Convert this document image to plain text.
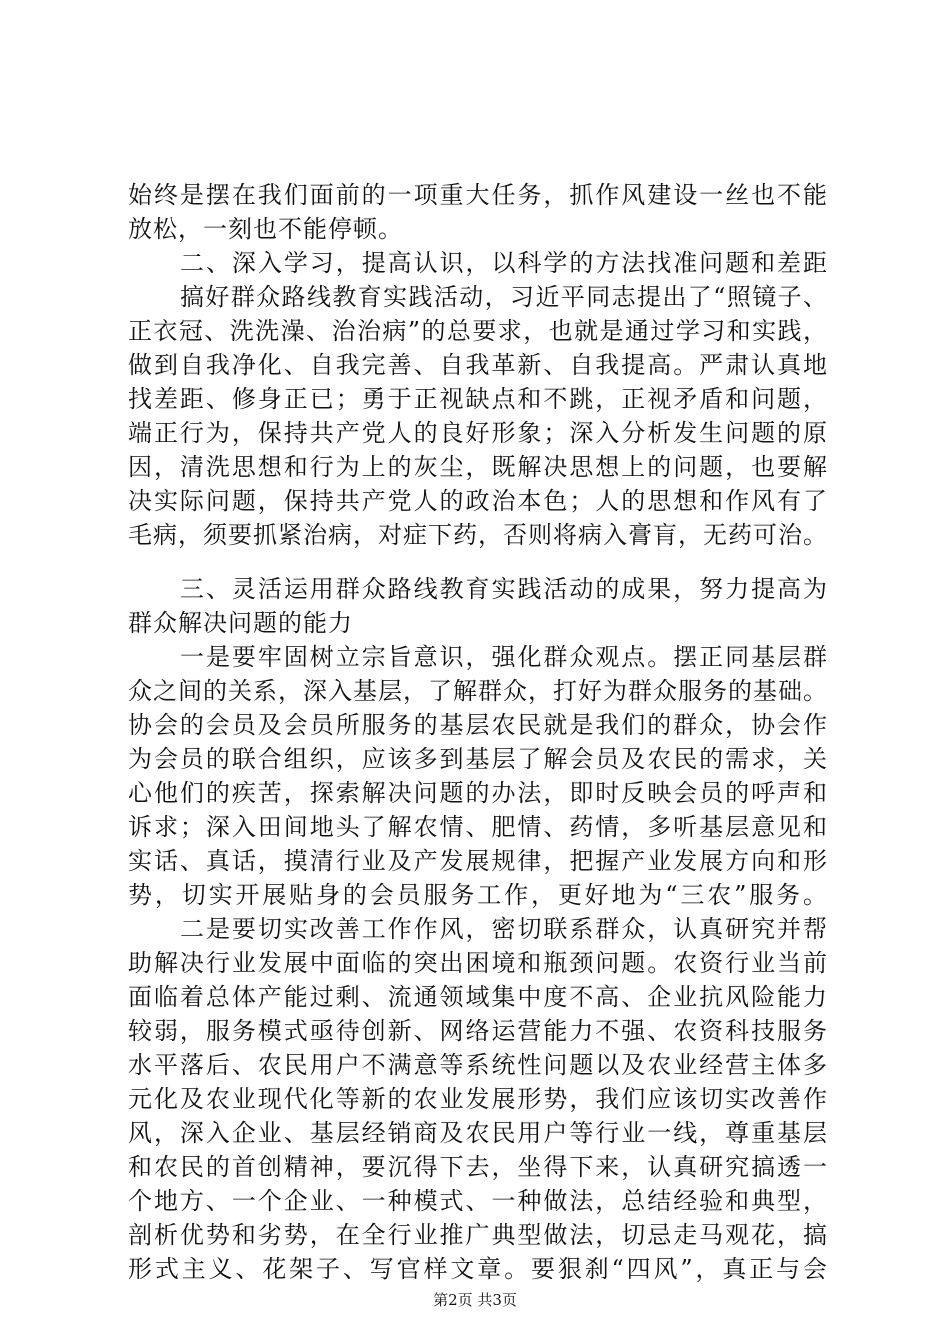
始终是摆在我们面前的一项重大任务，抓作风建设一丝也不能
放松，一刻也不能停顿。
二、深入学习，提高认识，以科学的方法找准问题和差距
搞好群众路线教育实践活动，习近平同志提出了“照镜子、
正衣冠、洗洗澡、治治病”的总要求，也就是通过学习和实践，
做到自我净化、自我完善、自我革新、自我提高。严肃认真地
找差距、修身正已；勇于正视缺点和不跳，正视矛盾和问题，
端正行为，保持共产党人的良好形象；深入分析发生问题的原
因，清洗思想和行为上的灰尘，既解决思想上的问题，也要解
决实际问题，保持共产党人的政治本色；人的思想和作风有了
毛病，须要抓紧治病，对症下药，否则将病入膏肓，无药可治。
三、灵活运用群众路线教育实践活动的成果，努力提高为
群众解决问题的能力
一是要牢固树立宗旨意识，强化群众观点。摆正同基层群
众之间的关系，深入基层，了解群众，打好为群众服务的基础。
协会的会员及会员所服务的基层农民就是我们的群众，协会作
为会员的联合组织，应该多到基层了解会员及农民的需求，关
心他们的疾苦，探索解决问题的办法，即时反映会员的呼声和
诉求；深入田间地头了解农情、肥情、药情，多听基层意见和
实话、真话，摸清行业及产发展规律，把握产业发展方向和形
势，切实开展贴身的会员服务工作，更好地为“三农”服务。
二是要切实改善工作作风，密切联系群众，认真研究并帮
助解决行业发展中面临的突出困境和瓶颈问题。农资行业当前
面临着总体产能过剩、流通领域集中度不高、企业抗风险能力
较弱，服务模式亟待创新、网络运营能力不强、农资科技服务
水平落后、农民用户不满意等系统性问题以及农业经营主体多
元化及农业现代化等新的农业发展形势，我们应该切实改善作
风，深入企业、基层经销商及农民用户等行业一线，尊重基层
和农民的首创精神，要沉得下去，坐得下来，认真研究搞透一
个地方、一个企业、一种模式、一种做法，总结经验和典型，
剖析优势和劣势，在全行业推广典型做法，切忌走马观花，搞
形式主义、花架子、写官样文章。要狠刹“四风”，真正与会
第2页 共3页
